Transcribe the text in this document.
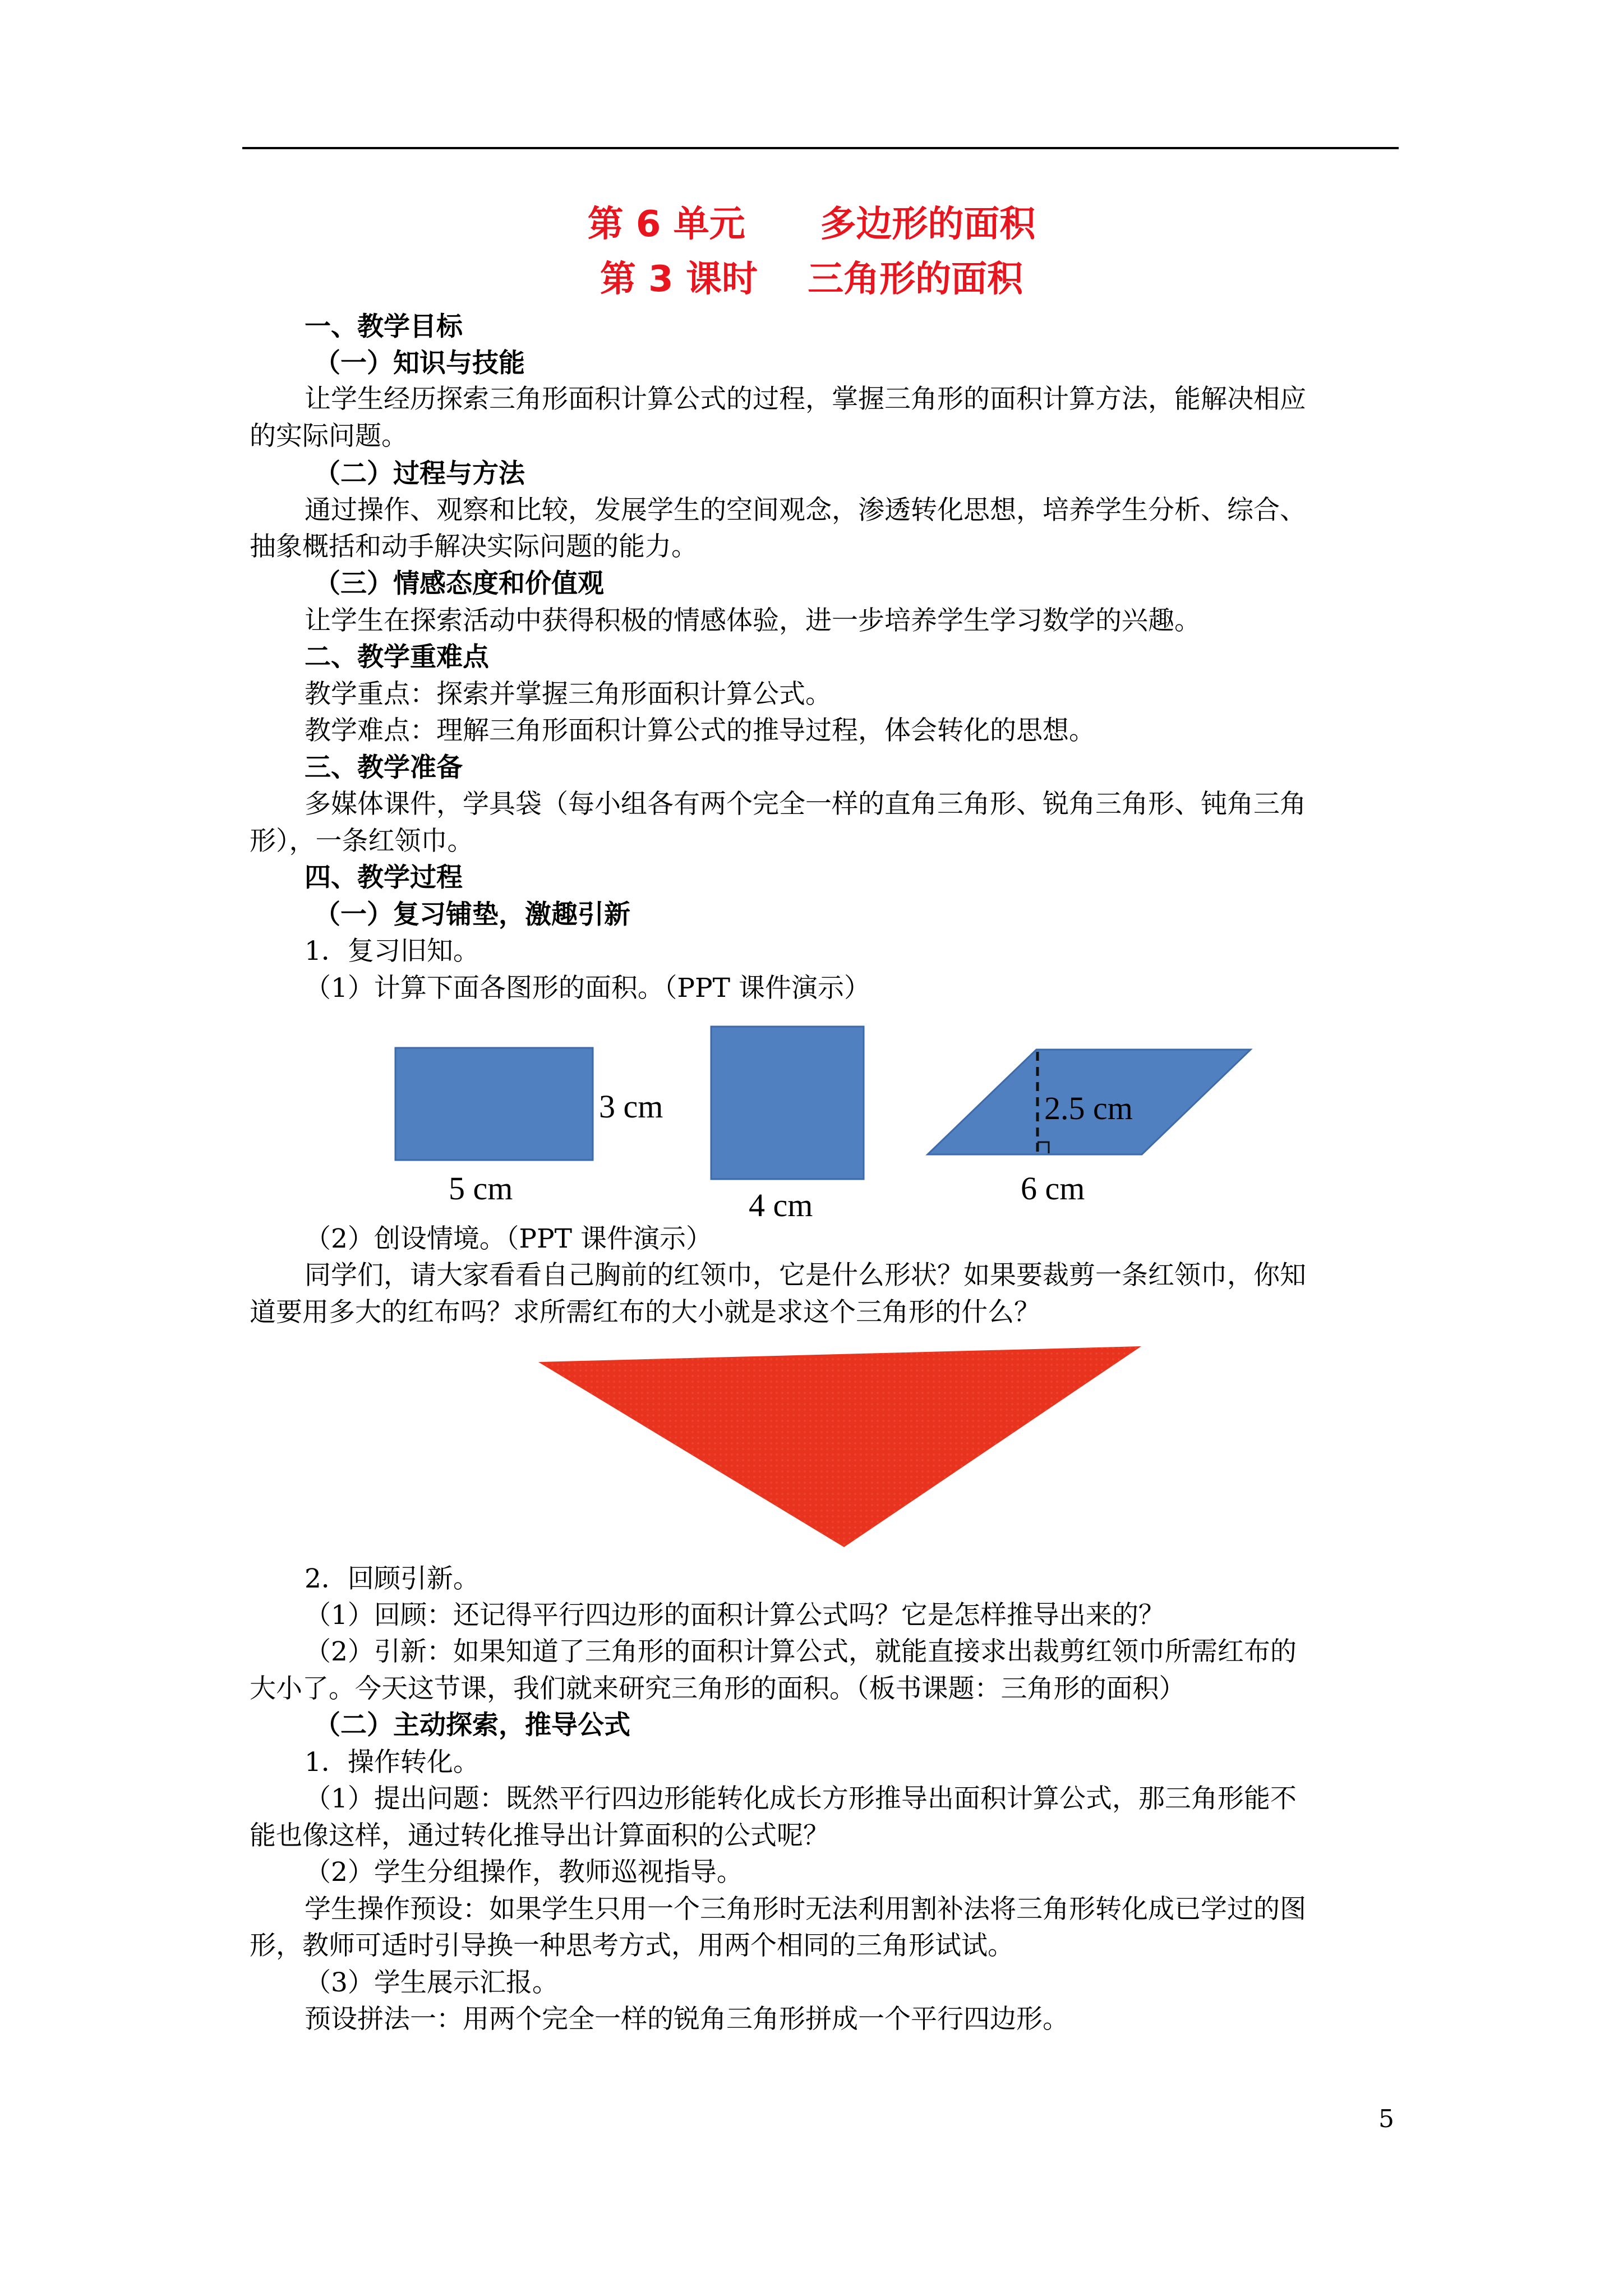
第 6 单元      多边形的面积
第 3 课时    三角形的面积
一、教学目标
（一）知识与技能
让学生经历探索三角形面积计算公式的过程，掌握三角形的面积计算方法，能解决相应
的实际问题。
（二）过程与方法
通过操作、观察和比较，发展学生的空间观念，渗透转化思想，培养学生分析、综合、
抽象概括和动手解决实际问题的能力。
（三）情感态度和价值观
让学生在探索活动中获得积极的情感体验，进一步培养学生学习数学的兴趣。
二、教学重难点
教学重点：探索并掌握三角形面积计算公式。
教学难点：理解三角形面积计算公式的推导过程，体会转化的思想。
三、教学准备
多媒体课件，学具袋（每小组各有两个完全一样的直角三角形、锐角三角形、钝角三角
形），一条红领巾。
四、教学过程
（一）复习铺垫，激趣引新
1．复习旧知。
（1）计算下面各图形的面积。（PPT 课件演示）
3 cm
5 cm	4 cm
2.5 cm
6 cm
（2）创设情境。（PPT 课件演示）
同学们，请大家看看自己胸前的红领巾，它是什么形状？如果要裁剪一条红领巾，你知
道要用多大的红布吗？求所需红布的大小就是求这个三角形的什么？
2．回顾引新。
（1）回顾：还记得平行四边形的面积计算公式吗？它是怎样推导出来的？
（2）引新：如果知道了三角形的面积计算公式，就能直接求出裁剪红领巾所需红布的
大小了。今天这节课，我们就来研究三角形的面积。（板书课题：三角形的面积）
（二）主动探索，推导公式
1．操作转化。
（1）提出问题：既然平行四边形能转化成长方形推导出面积计算公式，那三角形能不
能也像这样，通过转化推导出计算面积的公式呢？
（2）学生分组操作，教师巡视指导。
学生操作预设：如果学生只用一个三角形时无法利用割补法将三角形转化成已学过的图
形，教师可适时引导换一种思考方式，用两个相同的三角形试试。
（3）学生展示汇报。
预设拼法一：用两个完全一样的锐角三角形拼成一个平行四边形。
5
